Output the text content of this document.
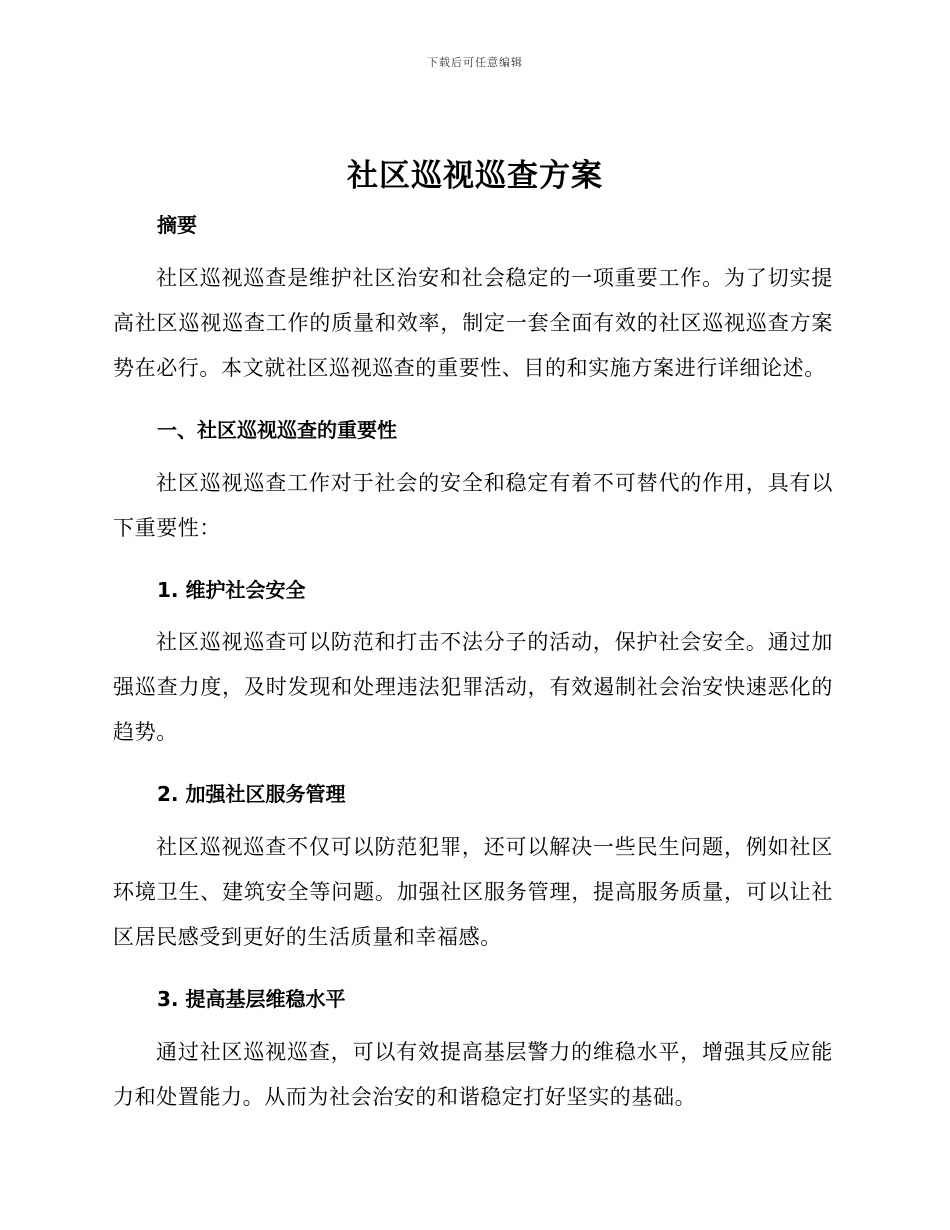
下载后可任意编辑
社区巡视巡查方案
摘要

社区巡视巡查是维护社区治安和社会稳定的一项重要工作。为了切实提高社区巡视巡查工作的质量和效率，制定一套全面有效的社区巡视巡查方案势在必行。本文就社区巡视巡查的重要性、目的和实施方案进行详细论述。

一、社区巡视巡查的重要性

社区巡视巡查工作对于社会的安全和稳定有着不可替代的作用，具有以下重要性：

1. 维护社会安全

社区巡视巡查可以防范和打击不法分子的活动，保护社会安全。通过加强巡查力度，及时发现和处理违法犯罪活动，有效遏制社会治安快速恶化的趋势。

2. 加强社区服务管理

社区巡视巡查不仅可以防范犯罪，还可以解决一些民生问题，例如社区环境卫生、建筑安全等问题。加强社区服务管理，提高服务质量，可以让社区居民感受到更好的生活质量和幸福感。

3. 提高基层维稳水平

通过社区巡视巡查，可以有效提高基层警力的维稳水平，增强其反应能力和处置能力。从而为社会治安的和谐稳定打好坚实的基础。
